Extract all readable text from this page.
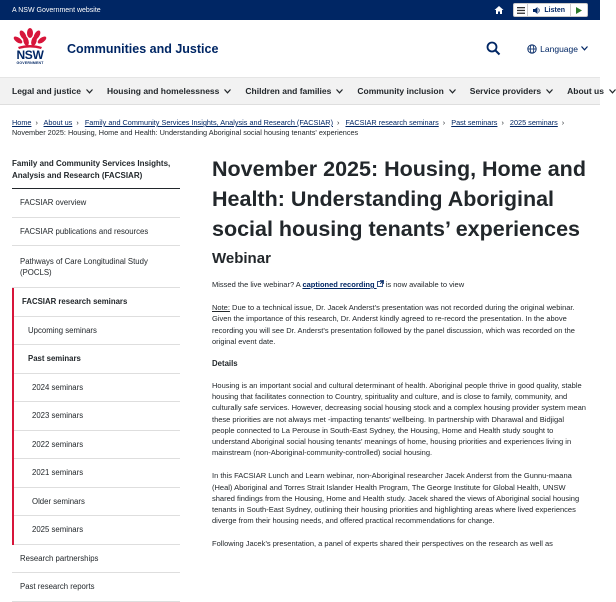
A NSW Government website	Listen
NSW
GOVERNMENT
Communities and Justice	Language
Legal and justice	Housing and homelessness	Children and families	Community inclusion	Service providers	About us
Home › About us › Family and Community Services Insights, Analysis and Research (FACSIAR) › FACSIAR research seminars › Past seminars › 2025 seminars › November 2025: Housing, Home and Health: Understanding Aboriginal social housing tenants' experiences
Family and Community Services Insights, Analysis and Research (FACSIAR)
FACSIAR overview
FACSIAR publications and resources
Pathways of Care Longitudinal Study (POCLS)
FACSIAR research seminars
Upcoming seminars
Past seminars
2024 seminars
2023 seminars
2022 seminars
2021 seminars
Older seminars
2025 seminars
Research partnerships
Past research reports
November 2025: Housing, Home and Health: Understanding Aboriginal social housing tenants’ experiences
Webinar

Missed the live webinar? A captioned recording  is now available to view

Note: Due to a technical issue, Dr. Jacek Anderst’s presentation was not recorded during the original webinar. Given the importance of this research, Dr. Anderst kindly agreed to re-record the presentation. In the above recording you will see Dr. Anderst’s presentation followed by the panel discussion, which was recorded on the original event date.

Details

Housing is an important social and cultural determinant of health. Aboriginal people thrive in good quality, stable housing that facilitates connection to Country, spirituality and culture, and is close to family, community, and culturally safe services. However, decreasing social housing stock and a complex housing provider system mean these priorities are not always met -impacting tenants’ wellbeing. In partnership with Dharawal and Bidjigal people connected to La Perouse in South-East Sydney, the Housing, Home and Health study sought to understand Aboriginal social housing tenants’ meanings of home, housing priorities and experiences living in mainstream (non-Aboriginal-community-controlled) social housing.

In this FACSIAR Lunch and Learn webinar, non-Aboriginal researcher Jacek Anderst from the Gunnu-maana (Heal) Aboriginal and Torres Strait Islander Health Program, The George Institute for Global Health, UNSW shared findings from the Housing, Home and Health study. Jacek shared the views of Aboriginal social housing tenants in South-East Sydney, outlining their housing priorities and highlighting areas where lived experiences diverge from their housing needs, and offered practical recommendations for change.

Following Jacek’s presentation, a panel of experts shared their perspectives on the research as well as
